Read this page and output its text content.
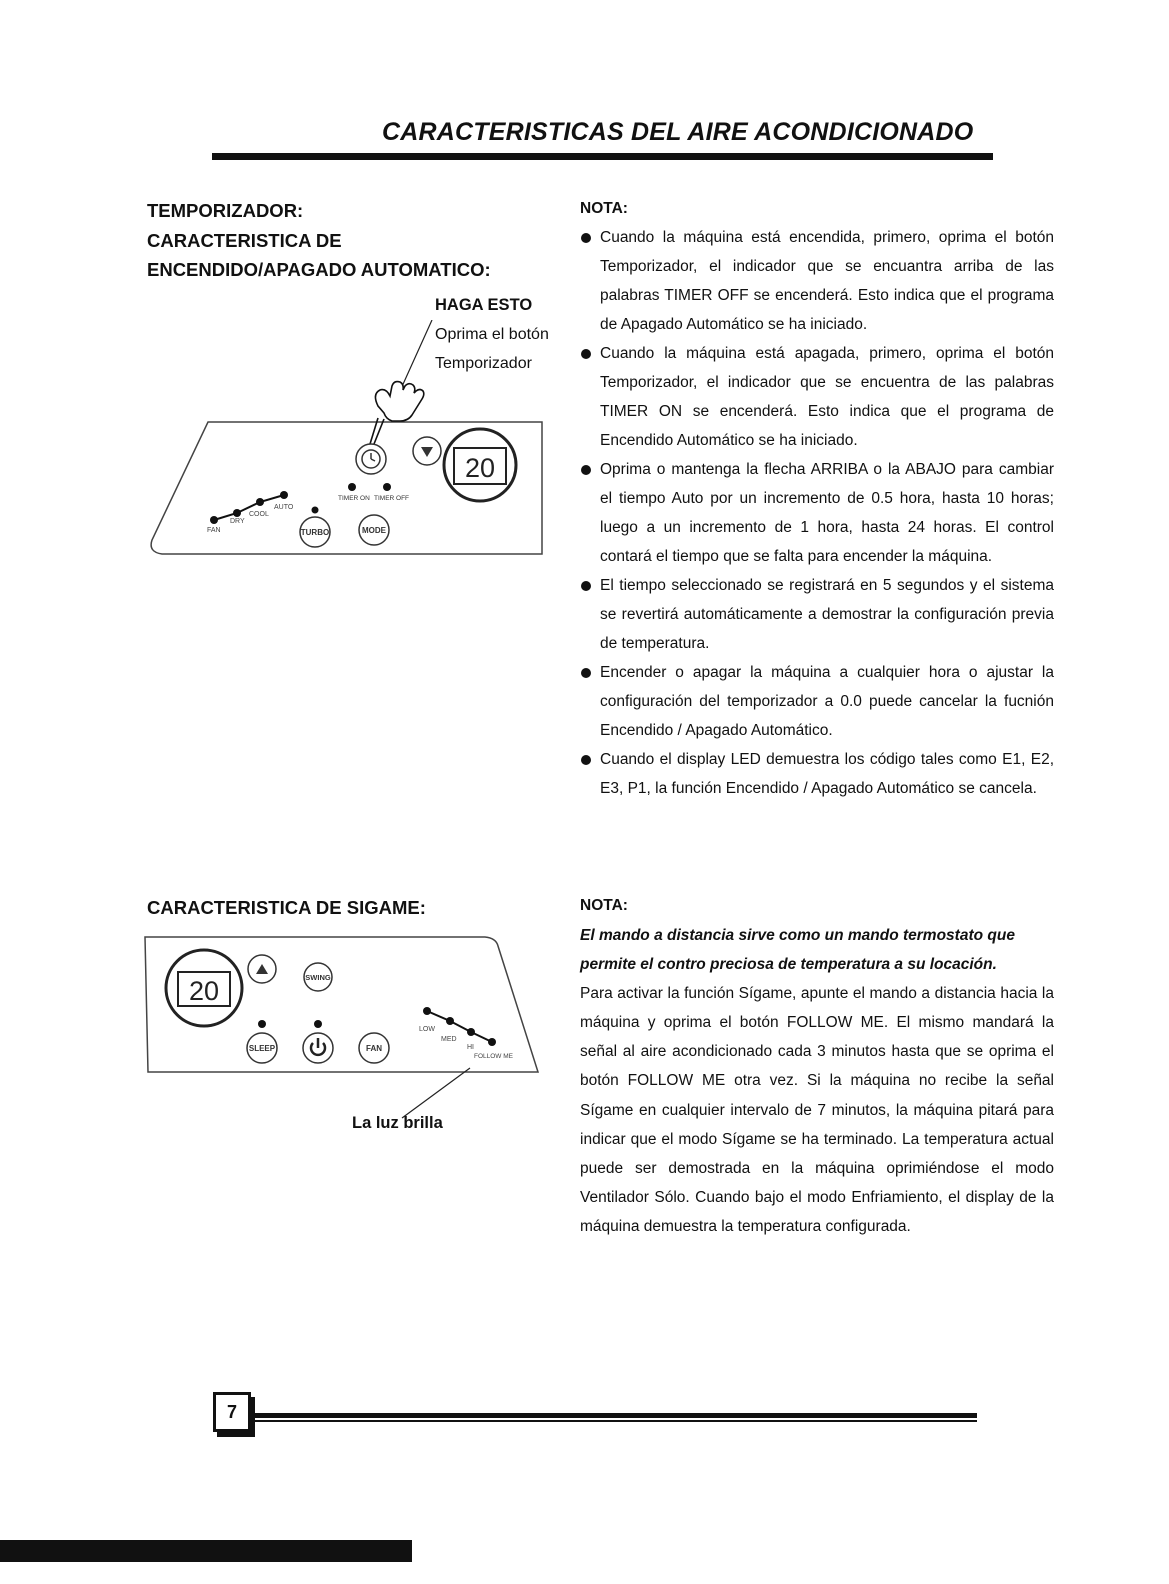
CARACTERISTICAS DEL AIRE ACONDICIONADO
TEMPORIZADOR:
CARACTERISTICA DE
ENCENDIDO/APAGADO AUTOMATICO:
HAGA ESTO
Oprima el botón
Temporizador
20
TIMER ON TIMER OFF
FAN
DRY
COOL
AUTO
TURBO	MODE
NOTA:
Cuando la máquina está encendida, primero, oprima el botón Temporizador, el indicador que se encuantra arriba de las palabras TIMER OFF se encenderá. Esto indica que el programa de Apagado Automático se ha iniciado.
Cuando la máquina está apagada, primero, oprima el botón Temporizador, el indicador que se encuentra de las palabras TIMER ON se encenderá. Esto indica que el programa de Encendido Automático se ha iniciado.
Oprima o mantenga la flecha ARRIBA o la ABAJO para cambiar el tiempo Auto por un incremento de 0.5 hora, hasta 10 horas; luego a un incremento de 1 hora, hasta 24 horas. El control contará el tiempo que se falta para encender la máquina.
El tiempo seleccionado se registrará en 5 segundos y el sistema se revertirá automáticamente a demostrar la configuración previa de temperatura.
Encender o apagar la máquina a cualquier hora o ajustar la configuración del temporizador a 0.0 puede cancelar la fucnión Encendido / Apagado Automático.
Cuando el display LED demuestra los código tales como E1, E2, E3, P1, la función Encendido / Apagado Automático se cancela.
CARACTERISTICA DE SIGAME:
20	SWING
SLEEP	FAN
LOW
MED
HI
FOLLOW ME
La luz brilla
NOTA:
El mando a distancia sirve como un mando termostato que
permite el contro preciosa de temperatura a su locación.
Para activar la función Sígame, apunte el mando a distancia hacia la máquina y oprima el botón FOLLOW ME. El mismo mandará la señal al aire acondicionado cada 3 minutos hasta que se oprima el botón FOLLOW ME otra vez. Si la máquina no recibe la señal Sígame en cualquier intervalo de 7 minutos, la máquina pitará para indicar que el modo Sígame se ha terminado. La temperatura actual puede ser demostrada en la máquina oprimiéndose el modo Ventilador Sólo. Cuando bajo el modo Enfriamiento, el display de la máquina demuestra la temperatura configurada.
7
